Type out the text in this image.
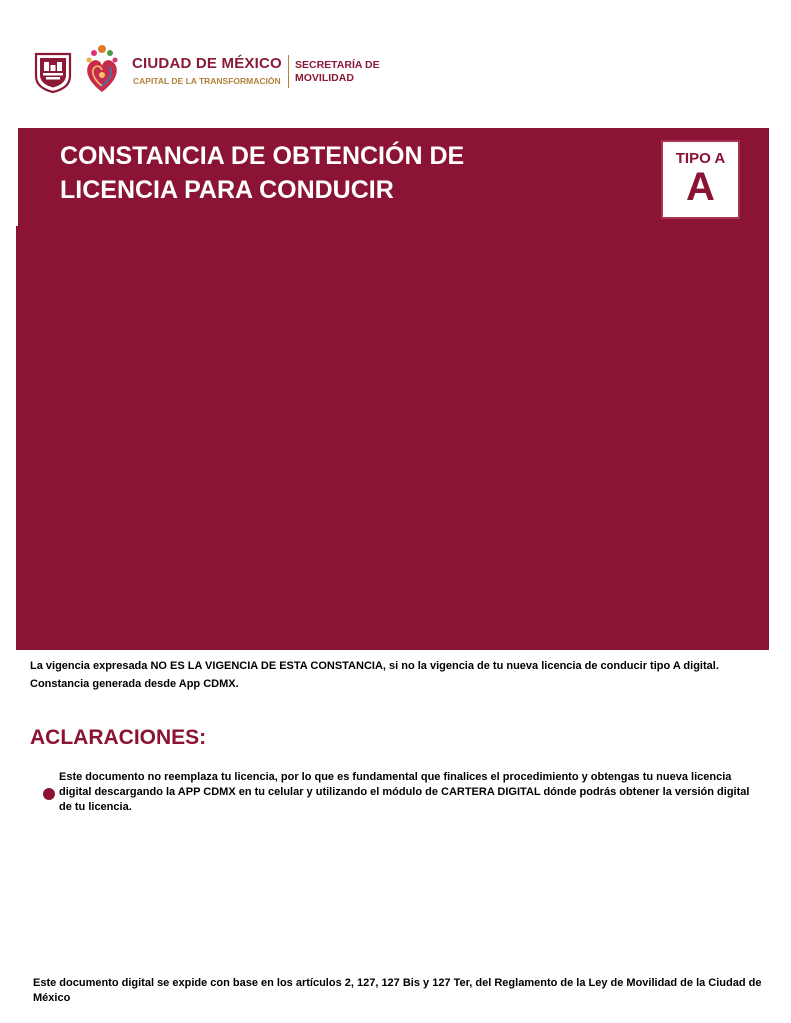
CIUDAD DE MÉXICO
CAPITAL DE LA TRANSFORMACIÓN
SECRETARÍA DE
MOVILIDAD
CONSTANCIA DE OBTENCIÓN DE
LICENCIA PARA CONDUCIR
TIPO A
A
La vigencia expresada NO ES LA VIGENCIA DE ESTA CONSTANCIA, si no la vigencia de tu nueva licencia de conducir tipo A digital.
Constancia generada desde App CDMX.
ACLARACIONES:
Este documento no reemplaza tu licencia, por lo que es fundamental que finalices el procedimiento y obtengas tu nueva licencia digital descargando la APP CDMX en tu celular y utilizando el módulo de CARTERA DIGITAL dónde podrás obtener la versión digital de tu licencia.
Este documento digital se expide con base en los artículos 2, 127, 127 Bis y 127 Ter, del Reglamento de la Ley de Movilidad de la Ciudad de México
